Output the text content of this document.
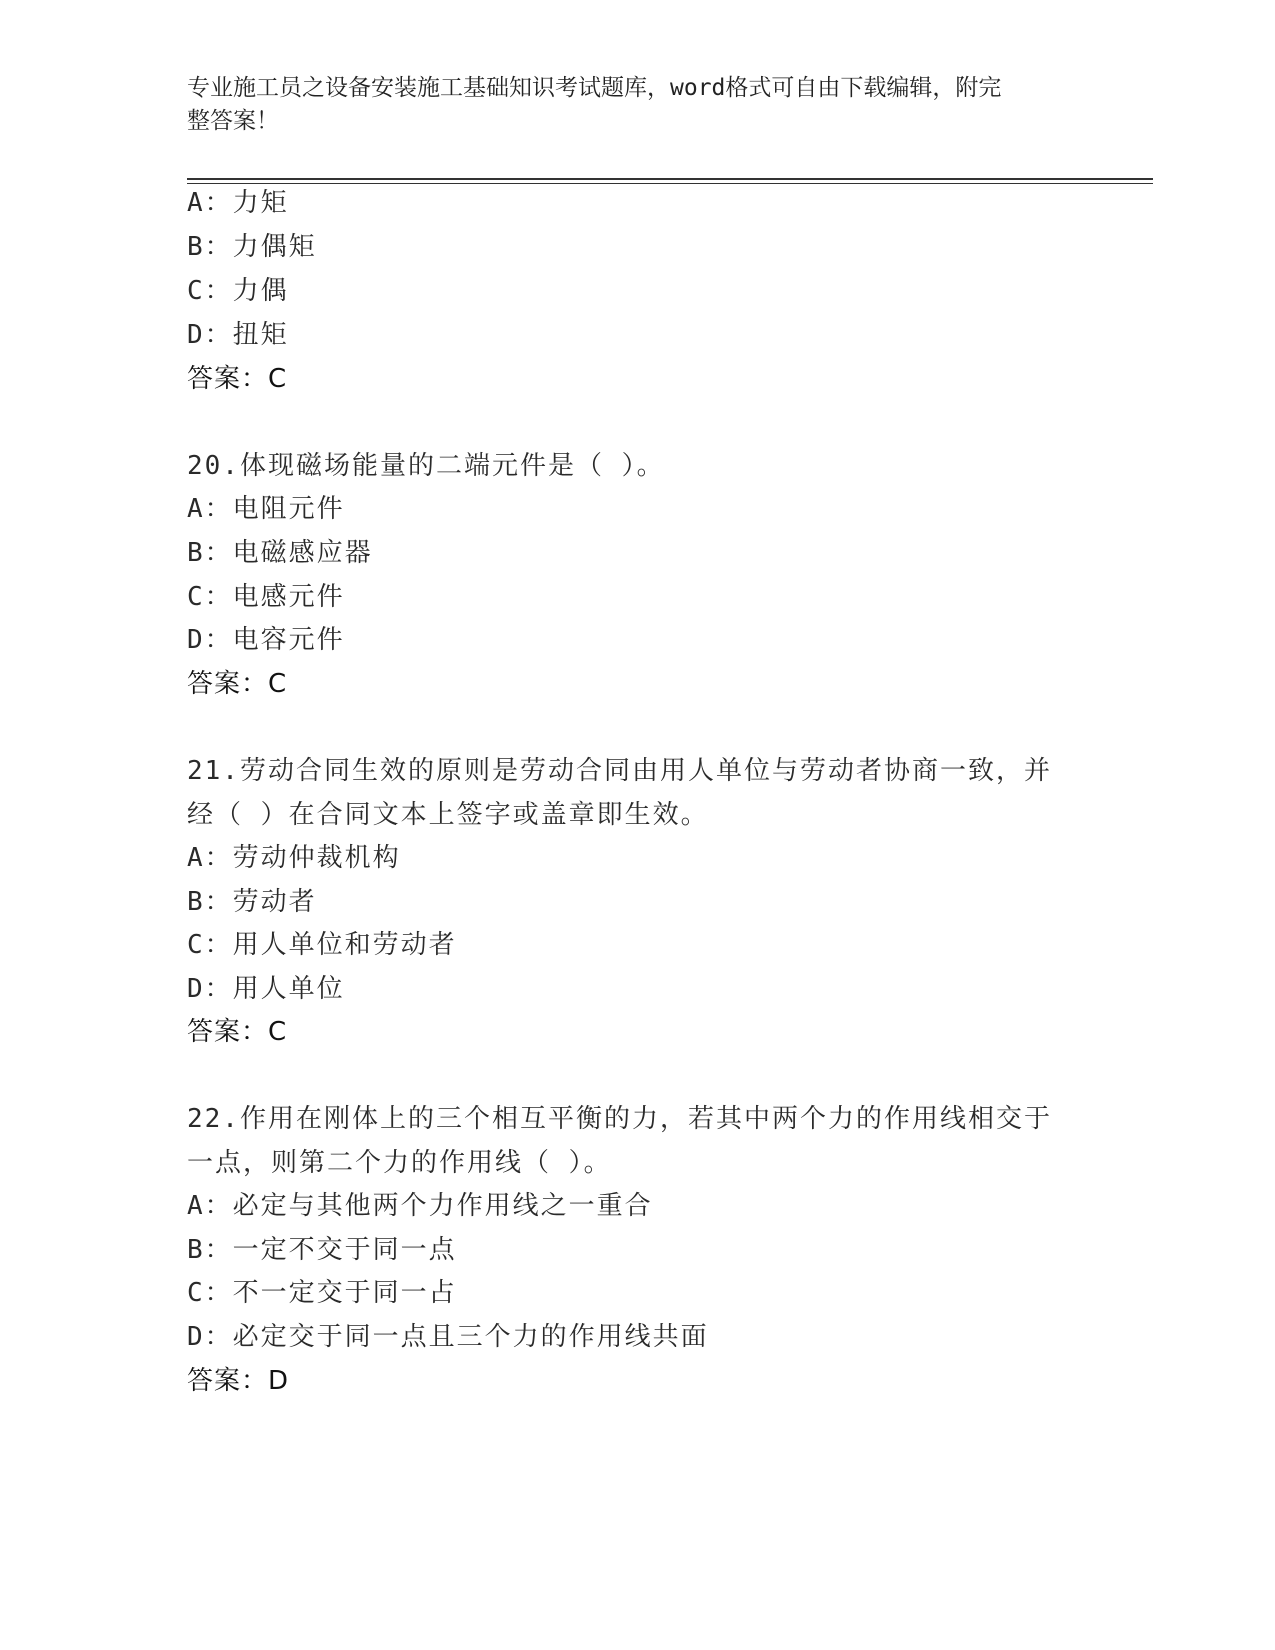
专业施工员之设备安装施工基础知识考试题库，word格式可自由下载编辑，附完
整答案！
A：力矩
B：力偶矩
C：力偶
D：扭矩
答案：C
20.体现磁场能量的二端元件是（ ）。
A：电阻元件
B：电磁感应器
C：电感元件
D：电容元件
答案：C
21.劳动合同生效的原则是劳动合同由用人单位与劳动者协商一致，并
经（ ）在合同文本上签字或盖章即生效。
A：劳动仲裁机构
B：劳动者
C：用人单位和劳动者
D：用人单位
答案：C
22.作用在刚体上的三个相互平衡的力，若其中两个力的作用线相交于
一点，则第二个力的作用线（ ）。
A：必定与其他两个力作用线之一重合
B：一定不交于同一点
C：不一定交于同一占
D：必定交于同一点且三个力的作用线共面
答案：D
